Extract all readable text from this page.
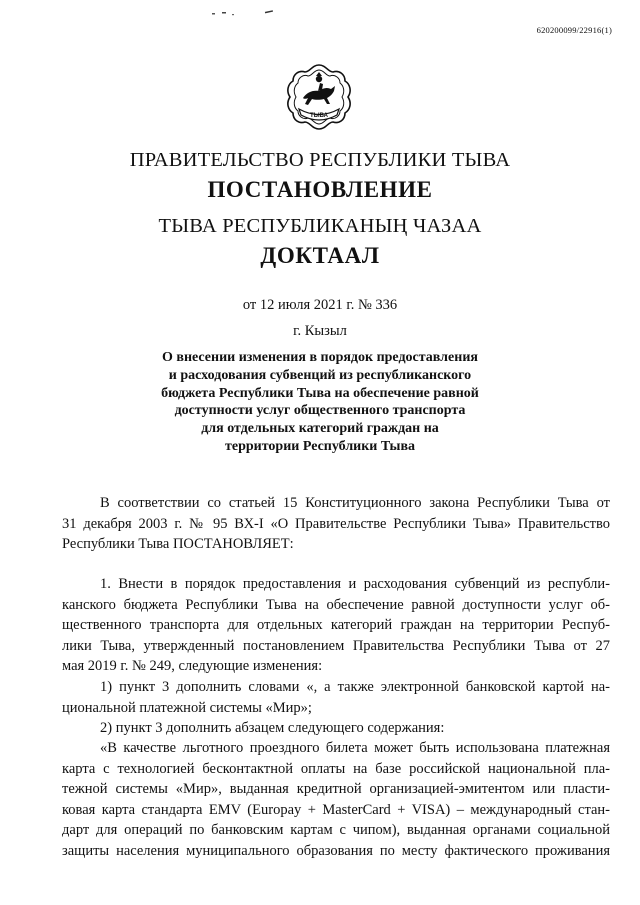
620200099/22916(1)
ТЫВА
ПРАВИТЕЛЬСТВО РЕСПУБЛИКИ ТЫВА
ПОСТАНОВЛЕНИЕ
ТЫВА РЕСПУБЛИКАНЫҢ ЧАЗАА
ДОКТААЛ
от 12 июля 2021 г. № 336
г. Кызыл
О внесении изменения в порядок предоставления
и расходования субвенций из республиканского
бюджета Республики Тыва на обеспечение равной
доступности услуг общественного транспорта
для отдельных категорий граждан на
территории Республики Тыва
В соответствии со статьей 15 Конституционного закона Республики Тыва от
31 декабря 2003 г. № 95 ВХ-I «О Правительстве Республики Тыва» Правительство
Республики Тыва ПОСТАНОВЛЯЕТ:
1. Внести в порядок предоставления и расходования субвенций из республи-
канского бюджета Республики Тыва на обеспечение равной доступности услуг об-
щественного транспорта для отдельных категорий граждан на территории Респуб-
лики Тыва, утвержденный постановлением Правительства Республики Тыва от 27
мая 2019 г. № 249, следующие изменения:
1) пункт 3 дополнить словами «, а также электронной банковской картой на-
циональной платежной системы «Мир»;
2) пункт 3 дополнить абзацем следующего содержания:
«В качестве льготного проездного билета может быть использована платежная
карта с технологией бесконтактной оплаты на базе российской национальной пла-
тежной системы «Мир», выданная кредитной организацией-эмитентом или пласти-
ковая карта стандарта EMV (Europay + MasterCard + VISA) – международный стан-
дарт для операций по банковским картам с чипом), выданная органами социальной
защиты населения муниципального образования по месту фактического проживания
